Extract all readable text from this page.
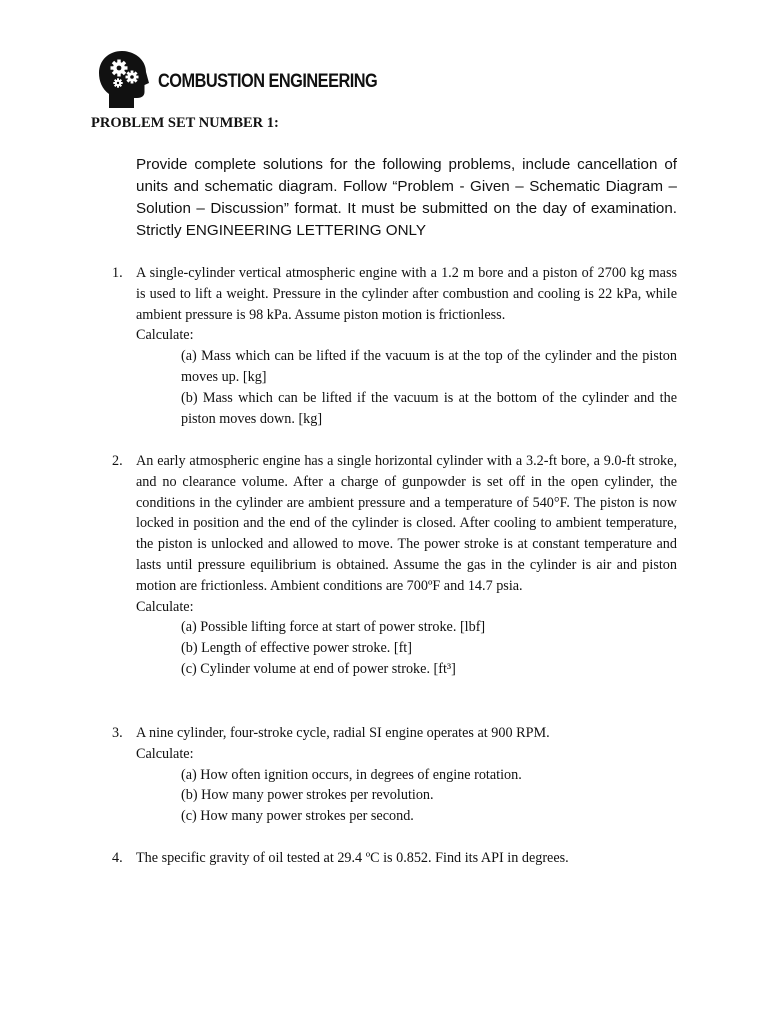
COMBUSTION ENGINEERING
PROBLEM SET NUMBER 1:

Provide complete solutions for the following problems, include cancellation of units and schematic diagram. Follow “Problem - Given – Schematic Diagram – Solution – Discussion” format. It must be submitted on the day of examination. Strictly ENGINEERING LETTERING ONLY

1. A single-cylinder vertical atmospheric engine with a 1.2 m bore and a piston of 2700 kg mass is used to lift a weight. Pressure in the cylinder after combustion and cooling is 22 kPa, while ambient pressure is 98 kPa. Assume piston motion is frictionless.

Calculate:

(a) Mass which can be lifted if the vacuum is at the top of the cylinder and the piston moves up. [kg]
(b) Mass which can be lifted if the vacuum is at the bottom of the cylinder and the piston moves down. [kg]
2. An early atmospheric engine has a single horizontal cylinder with a 3.2-ft bore, a 9.0-ft stroke, and no clearance volume. After a charge of gunpowder is set off in the open cylinder, the conditions in the cylinder are ambient pressure and a temperature of 540°F. The piston is now locked in position and the end of the cylinder is closed. After cooling to ambient temperature, the piston is unlocked and allowed to move. The power stroke is at constant temperature and lasts until pressure equilibrium is obtained. Assume the gas in the cylinder is air and piston motion are frictionless. Ambient conditions are 700ºF and 14.7 psia.

Calculate:

(a) Possible lifting force at start of power stroke. [lbf]
(b) Length of effective power stroke. [ft]
(c) Cylinder volume at end of power stroke. [ft³]
3. A nine cylinder, four-stroke cycle, radial SI engine operates at 900 RPM.

Calculate:

(a) How often ignition occurs, in degrees of engine rotation.
(b) How many power strokes per revolution.
(c) How many power strokes per second.
4. The specific gravity of oil tested at 29.4 ºC is 0.852. Find its API in degrees.
